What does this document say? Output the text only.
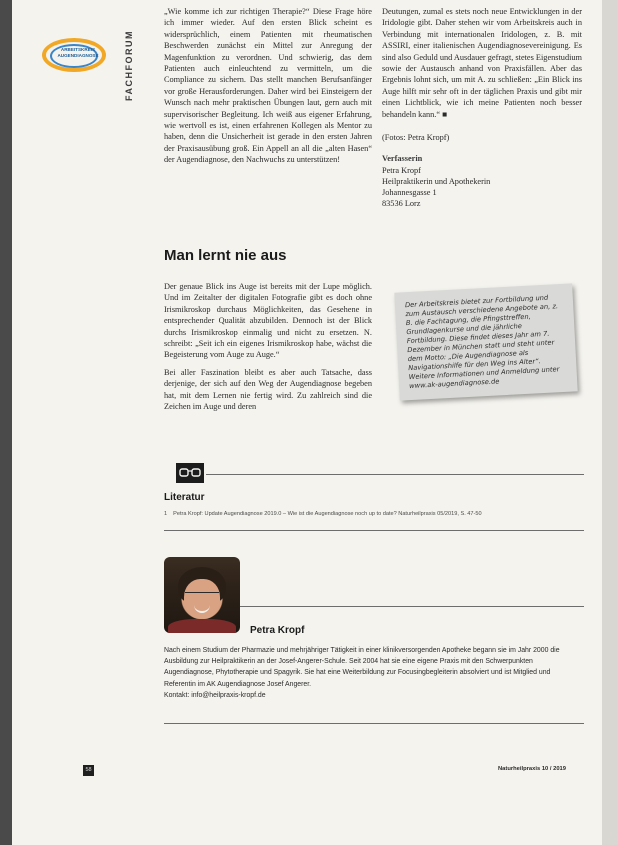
ARBEITSKREIS
AUGENDIAGNOSE	FACHFORUM

„Wie komme ich zur richtigen Therapie?“ Diese Frage höre ich immer wieder. Auf den ersten Blick scheint es widersprüchlich, einem Patienten mit rheumatischen Beschwerden zunächst ein Mittel zur Anregung der Magenfunktion zu verordnen. Und schwierig, das dem Patienten auch einleuchtend zu vermitteln, um die Compliance zu sichern. Das stellt manchen Berufsanfänger vor große Herausforderungen. Daher wird bei Einsteigern der Wunsch nach mehr praktischen Übungen laut, gern auch mit supervisorischer Begleitung. Ich weiß aus eigener Erfahrung, wie wertvoll es ist, einen erfahrenen Kollegen als Mentor zu haben, denn die Unsicherheit ist gerade in den ersten Jahren der Praxisausübung groß. Ein Appell an all die „alten Hasen“ der Augendiagnose, den Nachwuchs zu unterstützen!

Deutungen, zumal es stets noch neue Entwicklungen in der Iridologie gibt. Daher stehen wir vom Arbeitskreis auch in Verbindung mit internationalen Iridologen, z. B. mit ASSIRI, einer italienischen Augendiagnosevereinigung. Es sind also Geduld und Ausdauer gefragt, stetes Eigenstudium sowie der Austausch anhand von Praxisfällen. Aber das Ergebnis lohnt sich, um mit A. zu schließen: „Ein Blick ins Auge hilft mir sehr oft in der täglichen Praxis und gibt mir einen Lichtblick, wie ich meine Patienten noch besser behandeln kann.“ ■

(Fotos: Petra Kropf)
Verfasserin
Petra Kropf
Heilpraktikerin und Apothekerin
Johannesgasse 1
83536 Lorz
Man lernt nie aus

Der genaue Blick ins Auge ist bereits mit der Lupe möglich. Und im Zeitalter der digitalen Fotografie gibt es doch ohne Irismikroskop durchaus Möglichkeiten, das Gesehene in entsprechender Qualität abzubilden. Dennoch ist der Blick durchs Irismikroskop einmalig und nicht zu ersetzen. N. schreibt: „Seit ich ein eigenes Irismikroskop habe, wächst die Begeisterung vom Auge zu Auge.“

Bei aller Faszination bleibt es aber auch Tatsache, dass derjenige, der sich auf den Weg der Augendiagnose begeben hat, mit dem Lernen nie fertig wird. Zu zahlreich sind die Zeichen im Auge und deren

Der Arbeitskreis bietet zur Fortbildung und zum Austausch verschiedene Angebote an, z. B. die Fachtagung, die Pfingsttreffen, Grundlagenkurse und die jährliche Fortbildung. Diese findet dieses Jahr am 7. Dezember in München statt und steht unter dem Motto: „Die Augendiagnose als Navigationshilfe für den Weg ins Alter“. Weitere Informationen und Anmeldung unter www.ak-augendiagnose.de
Literatur
1 Petra Kropf: Update Augendiagnose 2019.0 – Wie ist die Augendiagnose noch up to date? Naturheilpraxis 05/2019, S. 47-50
Petra Kropf

Nach einem Studium der Pharmazie und mehrjähriger Tätigkeit in einer klinikversorgenden Apotheke begann sie im Jahr 2000 die Ausbildung zur Heilpraktikerin an der Josef-Angerer-Schule. Seit 2004 hat sie eine eigene Praxis mit den Schwerpunkten Augendiagnose, Phytotherapie und Spagyrik. Sie hat eine Weiterbildung zur Focusingbegleiterin absolviert und ist Mitglied und Referentin im AK Augendiagnose Josef Angerer.

Kontakt: info@heilpraxis-kropf.de

58	Naturheilpraxis 10 / 2019
